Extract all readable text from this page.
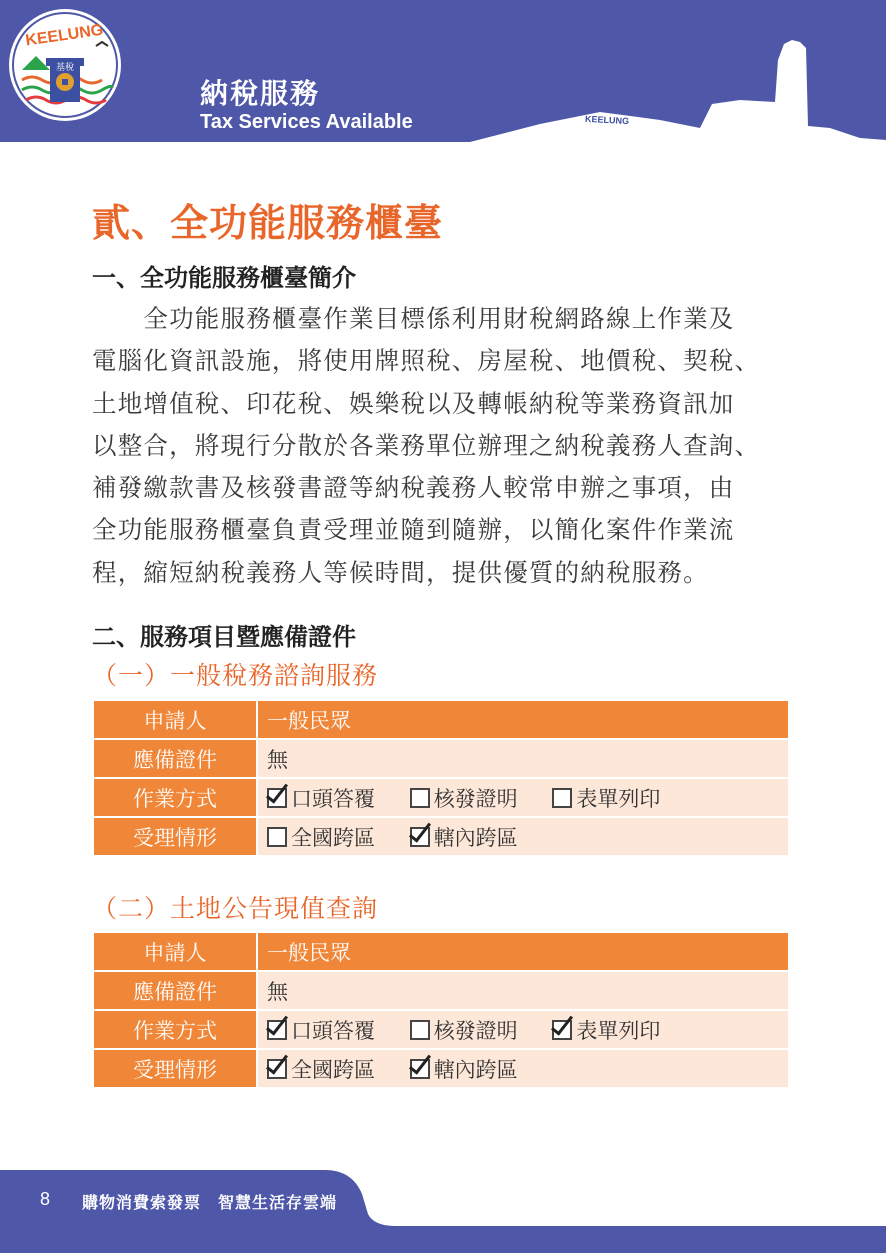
KEELUNG
基稅
納稅服務
Tax Services Available	KEELUNG
貳、全功能服務櫃臺
一、全功能服務櫃臺簡介

　　全功能服務櫃臺作業目標係利用財稅網路線上作業及

電腦化資訊設施，將使用牌照稅、房屋稅、地價稅、契稅、

土地增值稅、印花稅、娛樂稅以及轉帳納稅等業務資訊加

以整合，將現行分散於各業務單位辦理之納稅義務人查詢、

補發繳款書及核發書證等納稅義務人較常申辦之事項，由

全功能服務櫃臺負責受理並隨到隨辦，以簡化案件作業流

程，縮短納稅義務人等候時間，提供優質的納稅服務。

二、服務項目暨應備證件
（一）一般稅務諮詢服務
申請人	一般民眾
應備證件	無
作業方式	口頭答覆 核發證明 表單列印
受理情形	全國跨區 轄內跨區
（二）土地公告現值查詢
申請人	一般民眾
應備證件	無
作業方式	口頭答覆 核發證明 表單列印
受理情形	全國跨區 轄內跨區
8 購物消費索發票　智慧生活存雲端
